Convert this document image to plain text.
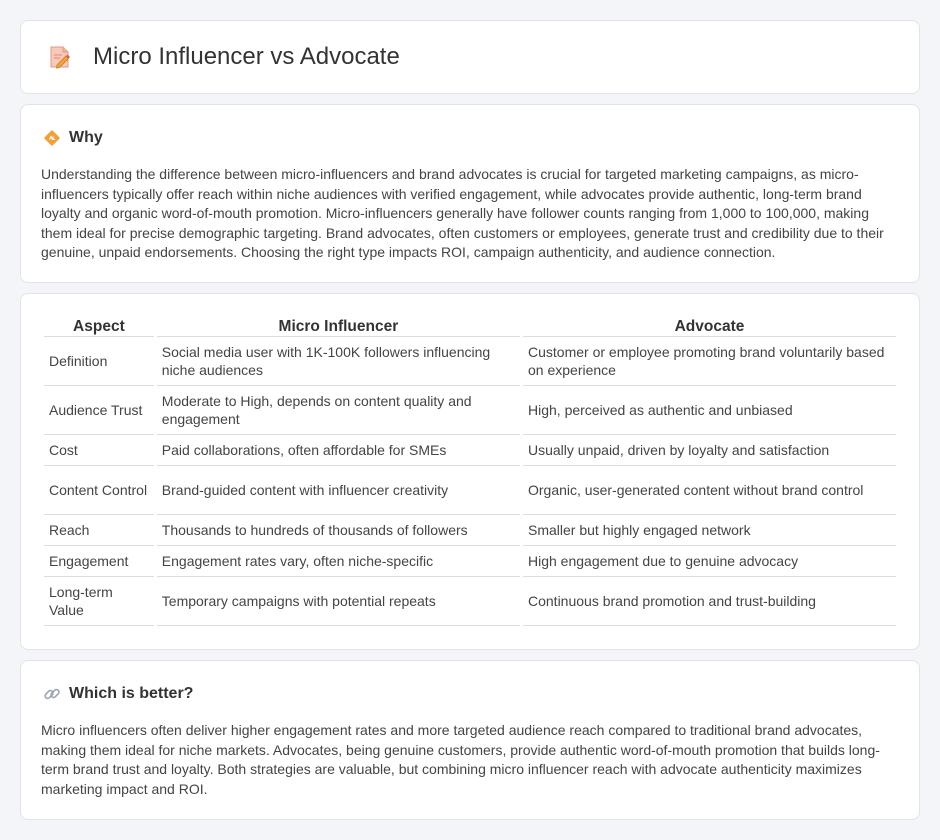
Micro Influencer vs Advocate
Why

Understanding the difference between micro-influencers and brand advocates is crucial for targeted marketing campaigns, as micro-influencers typically offer reach within niche audiences with verified engagement, while advocates provide authentic, long-term brand loyalty and organic word-of-mouth promotion. Micro-influencers generally have follower counts ranging from 1,000 to 100,000, making them ideal for precise demographic targeting. Brand advocates, often customers or employees, generate trust and credibility due to their genuine, unpaid endorsements. Choosing the right type impacts ROI, campaign authenticity, and audience connection.

Aspect	Micro Influencer	Advocate
Definition	Social media user with 1K-100K followers influencing niche audiences	Customer or employee promoting brand voluntarily based on experience
Audience Trust	Moderate to High, depends on content quality and engagement	High, perceived as authentic and unbiased
Cost	Paid collaborations, often affordable for SMEs	Usually unpaid, driven by loyalty and satisfaction
Content Control	Brand-guided content with influencer creativity	Organic, user-generated content without brand control
Reach	Thousands to hundreds of thousands of followers	Smaller but highly engaged network
Engagement	Engagement rates vary, often niche-specific	High engagement due to genuine advocacy
Long-term Value	Temporary campaigns with potential repeats	Continuous brand promotion and trust-building
Which is better?

Micro influencers often deliver higher engagement rates and more targeted audience reach compared to traditional brand advocates, making them ideal for niche markets. Advocates, being genuine customers, provide authentic word-of-mouth promotion that builds long-term brand trust and loyalty. Both strategies are valuable, but combining micro influencer reach with advocate authenticity maximizes marketing impact and ROI.
